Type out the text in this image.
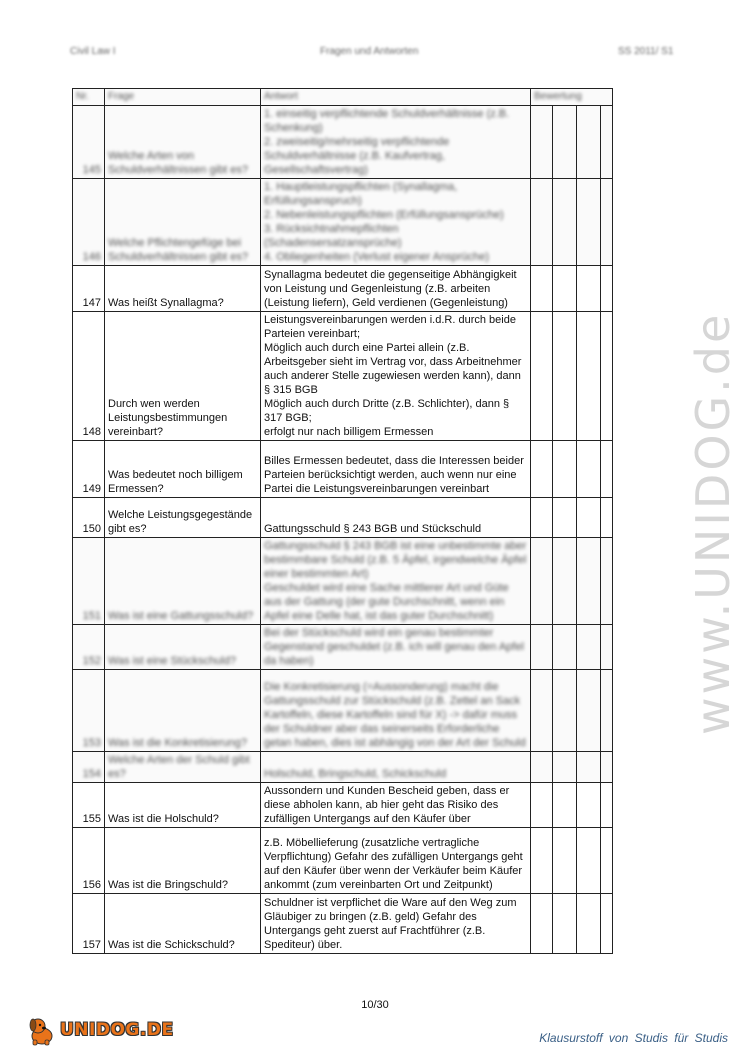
Civil Law I	Fragen und Antworten	SS 2011/ S1
Nr.	Frage	Antwort	Bewertung			

145	Welche Arten von Schuldverhältnissen gibt es?	1. einseitig verpflichtende Schuldverhältnisse (z.B. Schenkung)
2. zweiseitig/mehrseitig verpflichtende Schuldverhältnisse (z.B. Kaufvertrag, Gesellschaftsvertrag)				

146	Welche Pflichtengefüge bei Schuldverhältnissen gibt es?	1. Hauptleistungspflichten (Synallagma, Erfüllungsanspruch)
2. Nebenleistungspflichten (Erfüllungsansprüche)
3. Rücksichtnahmepflichten (Schadensersatzansprüche)
4. Obliegenheiten (Verlust eigener Ansprüche)				

147	Was heißt Synallagma?	Synallagma bedeutet die gegenseitige Abhängigkeit von Leistung und Gegenleistung (z.B. arbeiten (Leistung liefern), Geld verdienen (Gegenleistung)				
148	Durch wen werden Leistungsbestimmungen vereinbart?	Leistungsvereinbarungen werden i.d.R. durch beide Parteien vereinbart;
Möglich auch durch eine Partei allein (z.B. Arbeitsgeber sieht im Vertrag vor, dass Arbeitnehmer auch anderer Stelle zugewiesen werden kann), dann § 315 BGB
Möglich auch durch Dritte (z.B. Schlichter), dann § 317 BGB;
erfolgt nur nach billigem Ermessen				
149	Was bedeutet noch billigem Ermessen?	Billes Ermessen bedeutet, dass die Interessen beider Parteien berücksichtigt werden, auch wenn nur eine Partei die Leistungsvereinbarungen vereinbart				
150	Welche Leistungsgegestände gibt es?	Gattungsschuld § 243 BGB und Stückschuld				

151	Was ist eine Gattungsschuld?	Gattungsschuld § 243 BGB ist eine unbestimmte aber bestimmbare Schuld (z.B. 5 Äpfel, irgendwelche Äpfel einer bestimmten Art)
Geschuldet wird eine Sache mittlerer Art und Güte aus der Gattung (der gute Durchschnitt, wenn ein Apfel eine Delle hat, ist das guter Durchschnitt)				

152	Was ist eine Stückschuld?	Bei der Stückschuld wird ein genau bestimmter Gegenstand geschuldet (z.B. ich will genau den Apfel da haben)				

153	Was ist die Konkretisierung?	Die Konkretisierung (=Aussonderung) macht die Gattungsschuld zur Stückschuld (z.B. Zettel an Sack Kartoffeln, diese Kartoffeln sind für X) -> dafür muss der Schuldner aber das seinerseits Erforderliche getan haben, dies ist abhängig von der Art der Schuld				

154	Welche Arten der Schuld gibt es?	Holschuld, Bringschuld, Schickschuld				

155	Was ist die Holschuld?	Aussondern und Kunden Bescheid geben, dass er diese abholen kann, ab hier geht das Risiko des zufälligen Untergangs auf den Käufer über				
156	Was ist die Bringschuld?	z.B. Möbellieferung (zusatzliche vertragliche Verpflichtung) Gefahr des zufälligen Untergangs geht auf den Käufer über wenn der Verkäufer beim Käufer ankommt (zum vereinbarten Ort und Zeitpunkt)				
157	Was ist die Schickschuld?	Schuldner ist verpflichet die Ware auf den Weg zum Gläubiger zu bringen (z.B. geld) Gefahr des Untergangs geht zuerst auf Frachtführer (z.B. Spediteur) über.				
www.UNIDOG.de
10/30
UNIDOG.DE	Klausurstoff von Studis für Studis
